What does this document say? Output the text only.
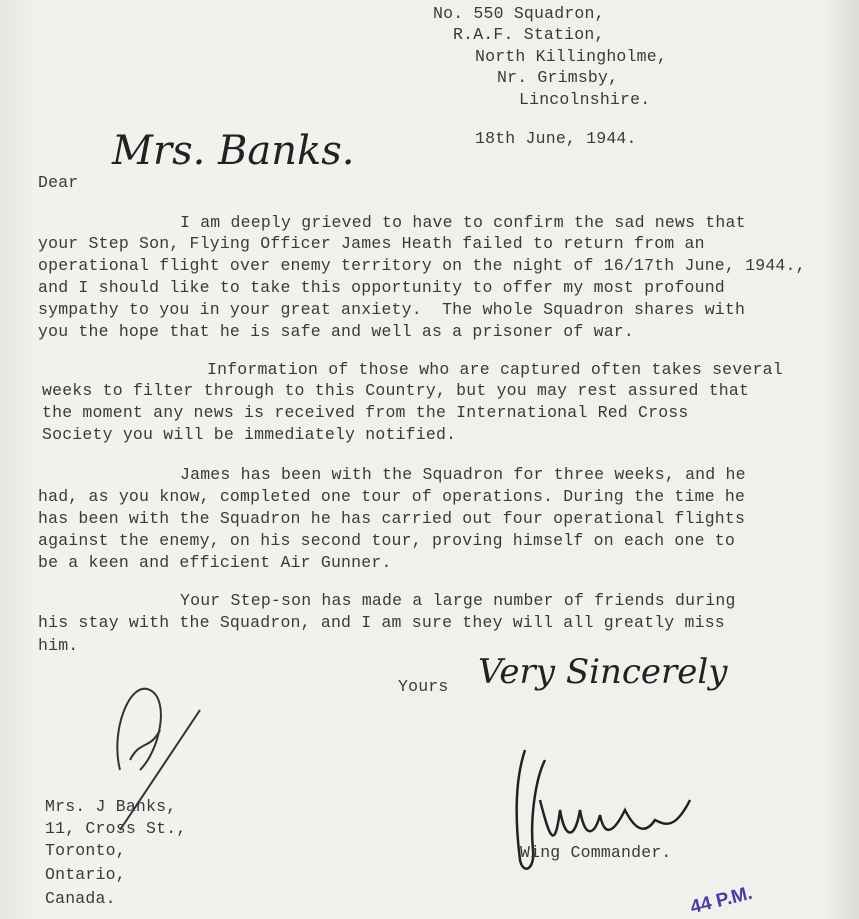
No. 550 Squadron,
R.A.F. Station,
North Killingholme,
Nr. Grimsby,
Lincolnshire.
18th June, 1944.
Dear
Mrs. Banks.
I am deeply grieved to have to confirm the sad news that
your Step Son, Flying Officer James Heath failed to return from an
operational flight over enemy territory on the night of 16/17th June, 1944.,
and I should like to take this opportunity to offer my most profound
sympathy to you in your great anxiety.  The whole Squadron shares with
you the hope that he is safe and well as a prisoner of war.
Information of those who are captured often takes several
weeks to filter through to this Country, but you may rest assured that
the moment any news is received from the International Red Cross
Society you will be immediately notified.
James has been with the Squadron for three weeks, and he
had, as you know, completed one tour of operations. During the time he
has been with the Squadron he has carried out four operational flights
against the enemy, on his second tour, proving himself on each one to
be a keen and efficient Air Gunner.
Your Step-son has made a large number of friends during
his stay with the Squadron, and I am sure they will all greatly miss
him.
Yours Very Sincerely
Wing Commander.
Mrs. J Banks,
11, Cross St.,
Toronto,
Ontario,
Canada.	44 P.M.
